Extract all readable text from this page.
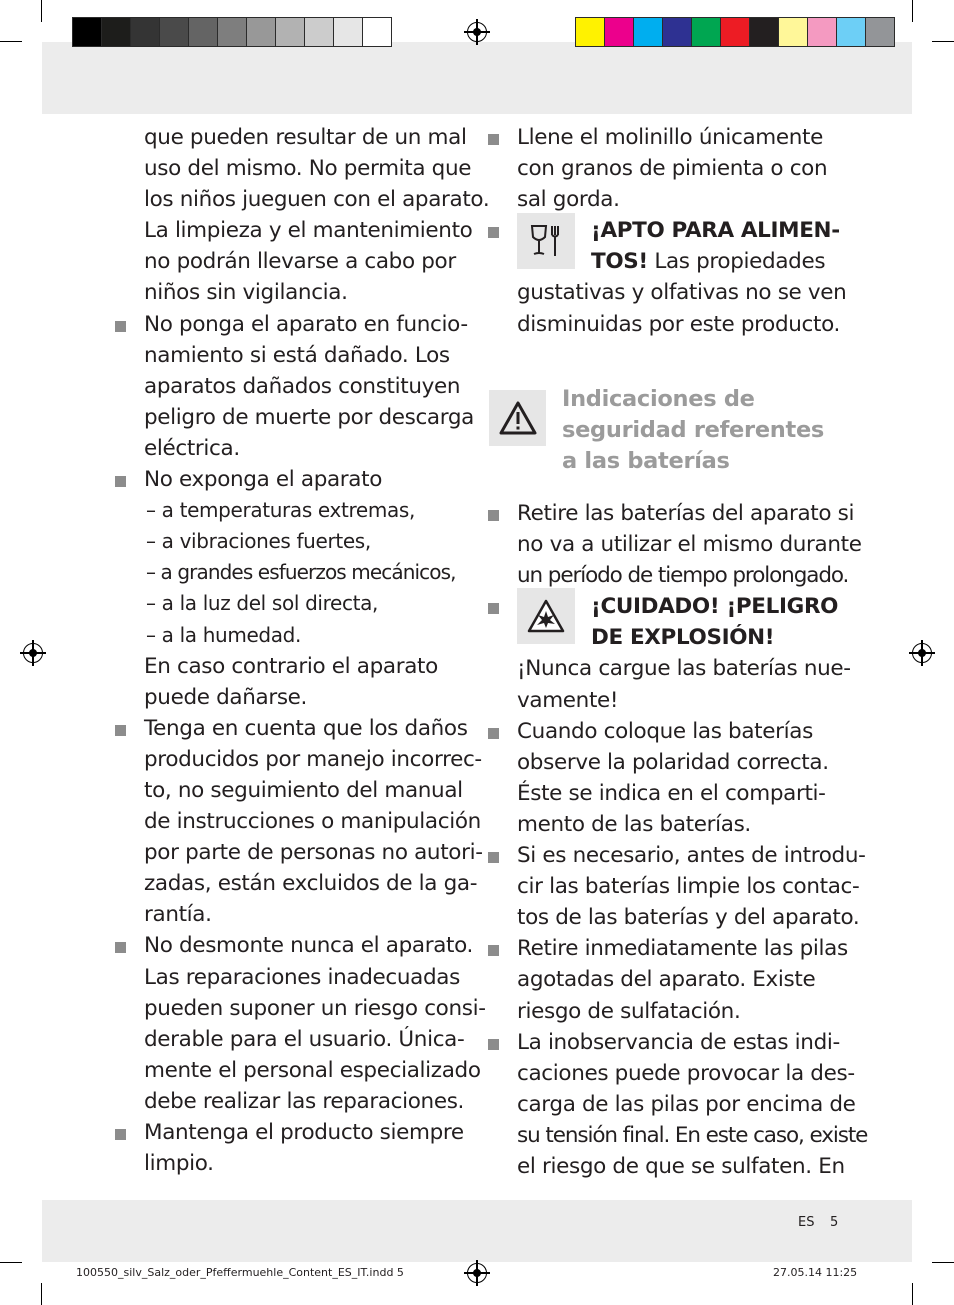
que pueden resultar de un mal
uso del mismo. No permita que
los niños jueguen con el aparato.
La limpieza y el mantenimiento
no podrán llevarse a cabo por
niños sin vigilancia.
No ponga el aparato en funcio-
namiento si está dañado. Los
aparatos dañados constituyen
peligro de muerte por descarga
eléctrica.
No exponga el aparato
– a temperaturas extremas,
– a vibraciones fuertes,
– a grandes esfuerzos mecánicos,
– a la luz del sol directa,
– a la humedad.
En caso contrario el aparato
puede dañarse.
Tenga en cuenta que los daños
producidos por manejo incorrec-
to, no seguimiento del manual
de instrucciones o manipulación
por parte de personas no autori-
zadas, están excluidos de la ga-
rantía.
No desmonte nunca el aparato.
Las reparaciones inadecuadas
pueden suponer un riesgo consi-
derable para el usuario. Única-
mente el personal especializado
debe realizar las reparaciones.
Mantenga el producto siempre
limpio.
Llene el molinillo únicamente
con granos de pimienta o con
sal gorda.
¡APTO PARA ALIMEN-
TOS! Las propiedades
gustativas y olfativas no se ven
disminuidas por este producto.
Indicaciones de
seguridad referentes
a las baterías
Retire las baterías del aparato si
no va a utilizar el mismo durante
un período de tiempo prolongado.
¡CUIDADO! ¡PELIGRO
DE EXPLOSIÓN!
¡Nunca cargue las baterías nue-
vamente!
Cuando coloque las baterías
observe la polaridad correcta.
Éste se indica en el comparti-
mento de las baterías.
Si es necesario, antes de introdu-
cir las baterías limpie los contac-
tos de las baterías y del aparato.
Retire inmediatamente las pilas
agotadas del aparato. Existe
riesgo de sulfatación.
La inobservancia de estas indi-
caciones puede provocar la des-
carga de las pilas por encima de
su tensión final. En este caso, existe
el riesgo de que se sulfaten. En
ES 5
100550_silv_Salz_oder_Pfeffermuehle_Content_ES_IT.indd 5	27.05.14 11:25
